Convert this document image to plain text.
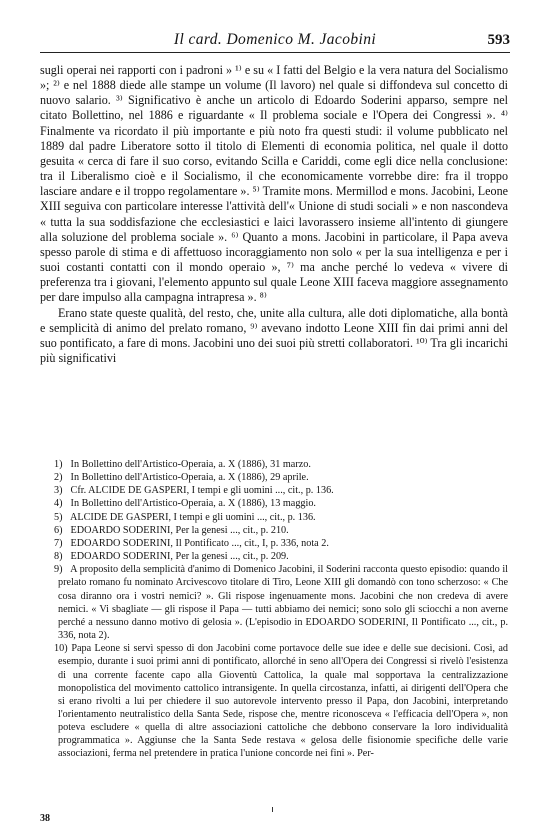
Il card. Domenico M. Jacobini	593

sugli operai nei rapporti con i padroni » ¹⁾ e su « I fatti del Belgio e la vera natura del Socialismo »; ²⁾ e nel 1888 diede alle stampe un volume (Il lavoro) nel quale si diffondeva sul concetto di nuovo salario. ³⁾ Significativo è anche un articolo di Edoardo Soderini apparso, sempre nel citato Bollettino, nel 1886 e riguardante « Il problema sociale e l'Opera dei Congressi ». ⁴⁾ Finalmente va ricordato il più importante e più noto fra questi studi: il volume pubblicato nel 1889 dal padre Liberatore sotto il titolo di Elementi di economia politica, nel quale il dotto gesuita « cerca di fare il suo corso, evitando Scilla e Cariddi, come egli dice nella conclusione: tra il Liberalismo cioè e il Socialismo, il che economicamente vorrebbe dire: fra il troppo lasciare andare e il troppo regolamentare ». ⁵⁾ Tramite mons. Mermillod e mons. Jacobini, Leone XIII seguiva con particolare interesse l'attività dell'« Unione di studi sociali » e non nascondeva « tutta la sua soddisfazione che ecclesiastici e laici lavorassero insieme all'intento di giungere alla soluzione del problema sociale ». ⁶⁾ Quanto a mons. Jacobini in particolare, il Papa aveva spesso parole di stima e di affettuoso incoraggiamento non solo « per la sua intelligenza e per i suoi costanti contatti con il mondo operaio », ⁷⁾ ma anche perché lo vedeva « vivere di preferenza tra i giovani, l'elemento appunto sul quale Leone XIII faceva maggiore assegnamento per dare impulso alla campagna intrapresa ». ⁸⁾

Erano state queste qualità, del resto, che, unite alla cultura, alle doti diplomatiche, alla bontà e semplicità di animo del prelato romano, ⁹⁾ avevano indotto Leone XIII fin dai primi anni del suo pontificato, a fare di mons. Jacobini uno dei suoi più stretti collaboratori. ¹⁰⁾ Tra gli incarichi più significativi

1) In Bollettino dell'Artistico-Operaia, a. X (1886), 31 marzo.

2) In Bollettino dell'Artistico-Operaia, a. X (1886), 29 aprile.

3) Cfr. ALCIDE DE GASPERI, I tempi e gli uomini ..., cit., p. 136.

4) In Bollettino dell'Artistico-Operaia, a. X (1886), 13 maggio.

5) ALCIDE DE GASPERI, I tempi e gli uomini ..., cit., p. 136.

6) EDOARDO SODERINI, Per la genesi ..., cit., p. 210.

7) EDOARDO SODERINI, Il Pontificato ..., cit., I, p. 336, nota 2.

8) EDOARDO SODERINI, Per la genesi ..., cit., p. 209.

9) A proposito della semplicità d'animo di Domenico Jacobini, il Soderini racconta questo episodio: quando il prelato romano fu nominato Arcivescovo titolare di Tiro, Leone XIII gli domandò con tono scherzoso: « Che cosa diranno ora i vostri nemici? ». Gli rispose ingenuamente mons. Jacobini che non credeva di avere nemici. « Vi sbagliate — gli rispose il Papa — tutti abbiamo dei nemici; sono solo gli sciocchi a non averne perché a nessuno danno motivo di gelosia ». (L'episodio in EDOARDO SODERINI, Il Pontificato ..., cit., p. 336, nota 2).

10) Papa Leone si servì spesso di don Jacobini come portavoce delle sue idee e delle sue decisioni. Così, ad esempio, durante i suoi primi anni di pontificato, allorché in seno all'Opera dei Congressi si rivelò l'esistenza di una corrente facente capo alla Gioventù Cattolica, la quale mal sopportava la centralizzazione monopolistica del movimento cattolico intransigente. In quella circostanza, infatti, ai dirigenti dell'Opera che si erano rivolti a lui per chiedere il suo autorevole intervento presso il Papa, don Jacobini, interpretando l'orientamento neutralistico della Santa Sede, rispose che, mentre riconosceva « l'efficacia dell'Opera », non poteva escludere « quella di altre associazioni cattoliche che debbono conservare la loro individualità programmatica ». Aggiunse che la Santa Sede restava « gelosa delle fisionomie specifiche delle varie associazioni, ferma nel pretendere in pratica l'unione concorde nei fini ». Per-

38
